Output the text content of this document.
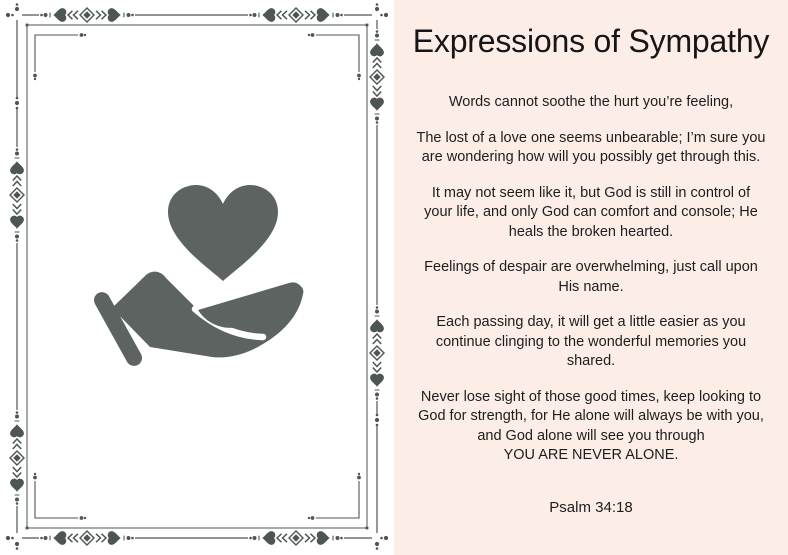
Expressions of Sympathy
Words cannot soothe the hurt you’re feeling,
The lost of a love one seems unbearable; I’m sure you
are wondering how will you possibly get through this.
It may not seem like it, but God is still in control of
your life, and only God can comfort and console; He
heals the broken hearted.
Feelings of despair are overwhelming, just call upon
His name.
Each passing day, it will get a little easier as you
continue clinging to the wonderful memories you
shared.
Never lose sight of those good times, keep looking to
God for strength, for He alone will always be with you,
and God alone will see you through
YOU ARE NEVER ALONE.
Psalm 34:18
